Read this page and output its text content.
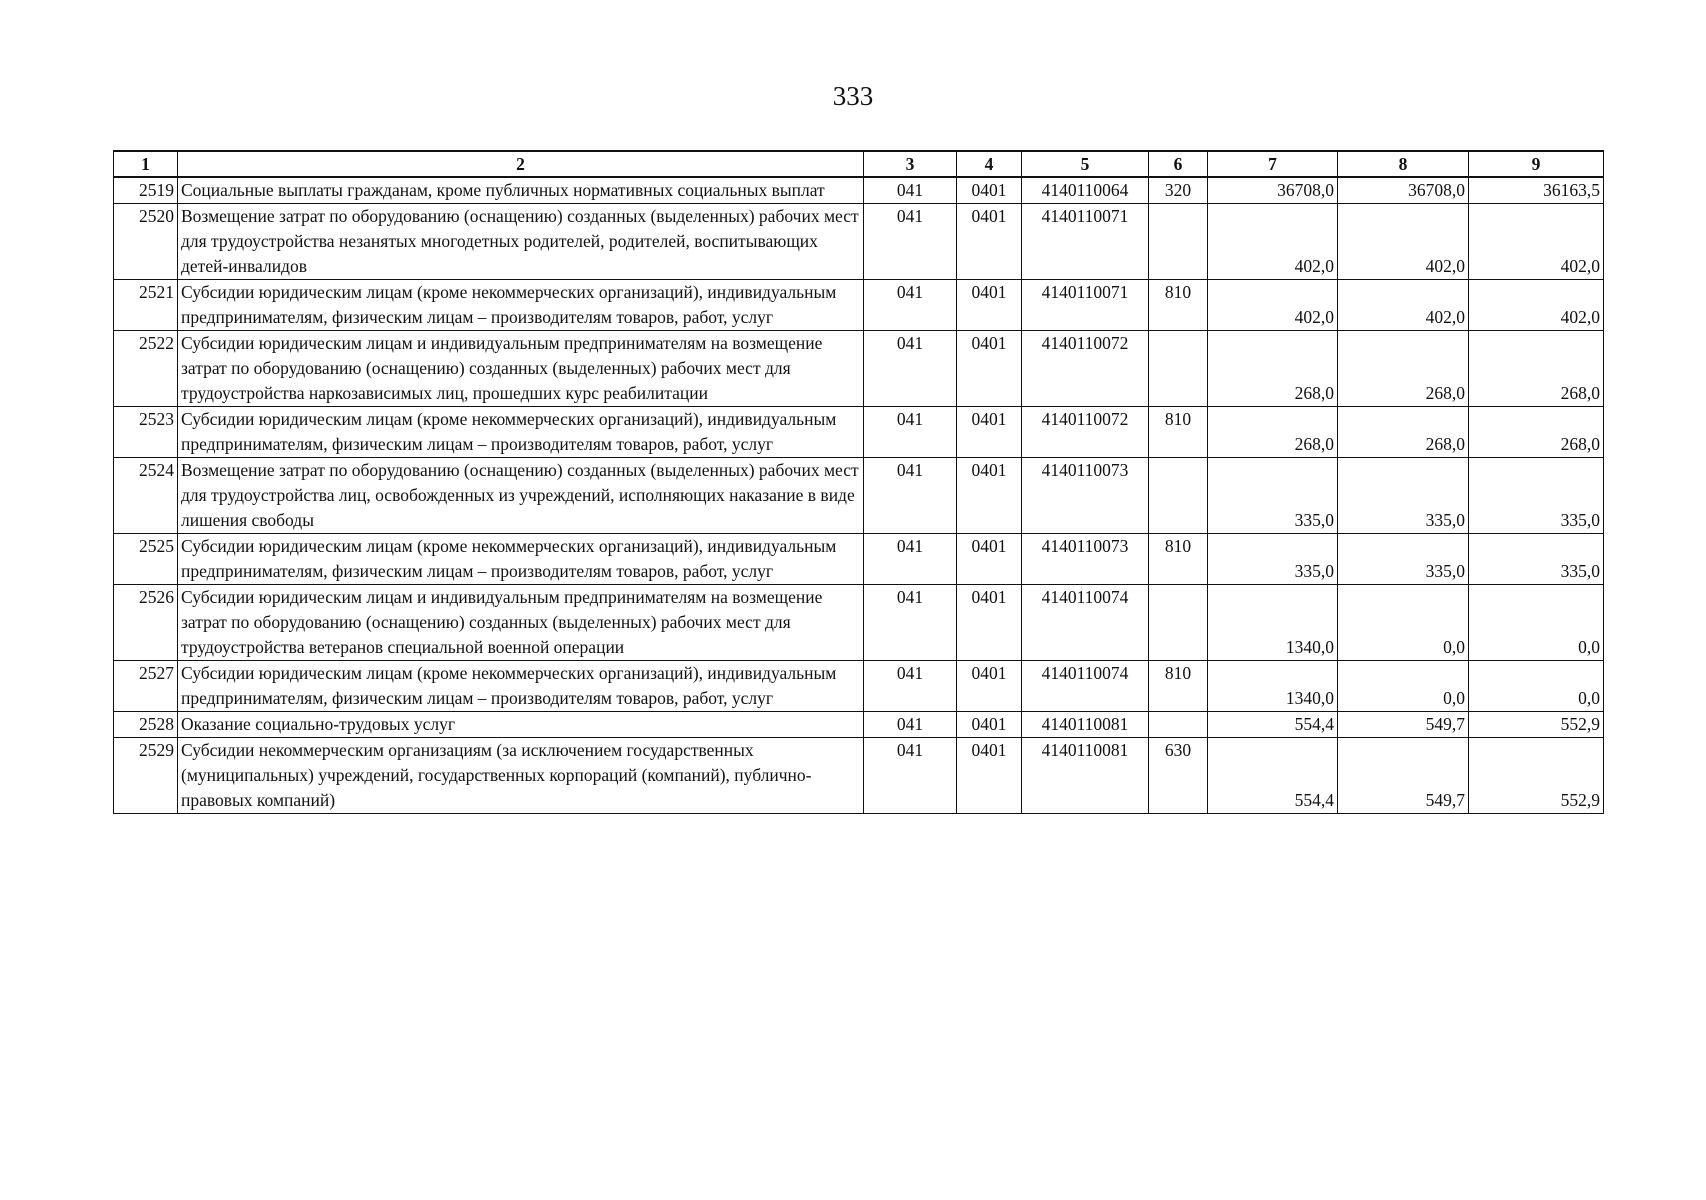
333
1	2	3	4	5	6	7	8	9
2519	Социальные выплаты гражданам, кроме публичных нормативных социальных выплат	041	0401	4140110064	320	36708,0	36708,0	36163,5
2520	Возмещение затрат по оборудованию (оснащению) созданных (выделенных) рабочих мест для трудоустройства незанятых многодетных родителей, родителей, воспитывающих детей-инвалидов	041	0401	4140110071		402,0	402,0	402,0
2521	Субсидии юридическим лицам (кроме некоммерческих организаций), индивидуальным предпринимателям, физическим лицам – производителям товаров, работ, услуг	041	0401	4140110071	810	402,0	402,0	402,0
2522	Субсидии юридическим лицам и индивидуальным предпринимателям на возмещение затрат по оборудованию (оснащению) созданных (выделенных) рабочих мест для трудоустройства наркозависимых лиц, прошедших курс реабилитации	041	0401	4140110072		268,0	268,0	268,0
2523	Субсидии юридическим лицам (кроме некоммерческих организаций), индивидуальным предпринимателям, физическим лицам – производителям товаров, работ, услуг	041	0401	4140110072	810	268,0	268,0	268,0
2524	Возмещение затрат по оборудованию (оснащению) созданных (выделенных) рабочих мест для трудоустройства лиц, освобожденных из учреждений, исполняющих наказание в виде лишения свободы	041	0401	4140110073		335,0	335,0	335,0
2525	Субсидии юридическим лицам (кроме некоммерческих организаций), индивидуальным предпринимателям, физическим лицам – производителям товаров, работ, услуг	041	0401	4140110073	810	335,0	335,0	335,0
2526	Субсидии юридическим лицам и индивидуальным предпринимателям на возмещение затрат по оборудованию (оснащению) созданных (выделенных) рабочих мест для трудоустройства ветеранов специальной военной операции	041	0401	4140110074		1340,0	0,0	0,0
2527	Субсидии юридическим лицам (кроме некоммерческих организаций), индивидуальным предпринимателям, физическим лицам – производителям товаров, работ, услуг	041	0401	4140110074	810	1340,0	0,0	0,0
2528	Оказание социально-трудовых услуг	041	0401	4140110081		554,4	549,7	552,9
2529	Субсидии некоммерческим организациям (за исключением государственных (муниципальных) учреждений, государственных корпораций (компаний), публично-правовых компаний)	041	0401	4140110081	630	554,4	549,7	552,9
